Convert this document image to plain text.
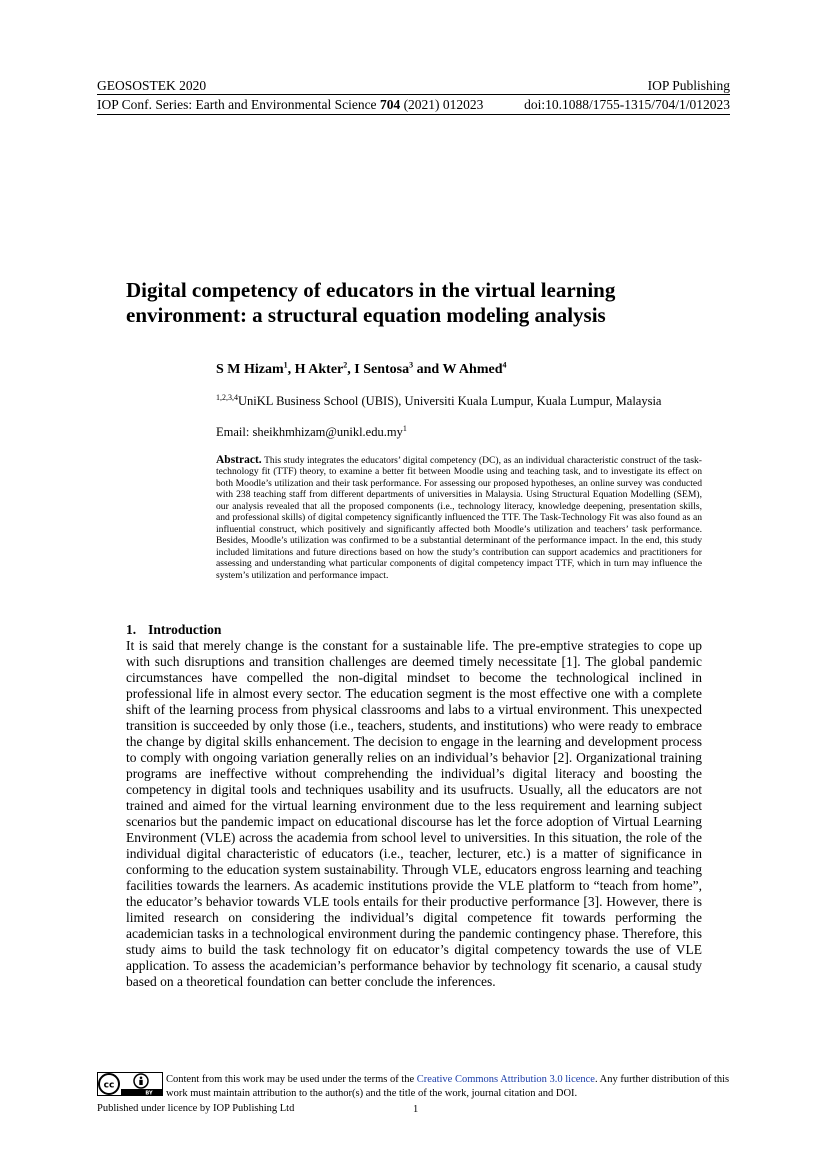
GEOSOSTEK 2020	IOP Publishing
IOP Conf. Series: Earth and Environmental Science 704 (2021) 012023	doi:10.1088/1755-1315/704/1/012023
Digital competency of educators in the virtual learning environment: a structural equation modeling analysis
S M Hizam$^1$, H Akter$^2$, I Sentosa$^3$ and W Ahmed$^4$
$^{1,2,3,4}$UniKL Business School (UBIS), Universiti Kuala Lumpur, Kuala Lumpur, Malaysia
Email: $sheikhmhizam@unikl.edu.my^1$
Abstract. This study integrates the educators’ digital competency (DC), as an individual characteristic construct of the task-technology fit (TTF) theory, to examine a better fit between Moodle using and teaching task, and to investigate its effect on both Moodle’s utilization and their task performance. For assessing our proposed hypotheses, an online survey was conducted with 238 teaching staff from different departments of universities in Malaysia. Using Structural Equation Modelling (SEM), our analysis revealed that all the proposed components (i.e., technology literacy, knowledge deepening, presentation skills, and professional skills) of digital competency significantly influenced the TTF. The Task-Technology Fit was also found as an influential construct, which positively and significantly affected both Moodle’s utilization and teachers’ task performance. Besides, Moodle’s utilization was confirmed to be a substantial determinant of the performance impact. In the end, this study included limitations and future directions based on how the study’s contribution can support academics and practitioners for assessing and understanding what particular components of digital competency impact TTF, which in turn may influence the system’s utilization and performance impact.
1. Introduction
It is said that merely change is the constant for a sustainable life. The pre-emptive strategies to cope up with such disruptions and transition challenges are deemed timely necessitate [1]. The global pandemic circumstances have compelled the non-digital mindset to become the technological inclined in professional life in almost every sector. The education segment is the most effective one with a complete shift of the learning process from physical classrooms and labs to a virtual environment. This unexpected transition is succeeded by only those (i.e., teachers, students, and institutions) who were ready to embrace the change by digital skills enhancement. The decision to engage in the learning and development process to comply with ongoing variation generally relies on an individual’s behavior [2]. Organizational training programs are ineffective without comprehending the individual’s digital literacy and boosting the competency in digital tools and techniques usability and its usufructs. Usually, all the educators are not trained and aimed for the virtual learning environment due to the less requirement and learning subject scenarios but the pandemic impact on educational discourse has let the force adoption of Virtual Learning Environment (VLE) across the academia from school level to universities. In this situation, the role of the individual digital characteristic of educators (i.e., teacher, lecturer, etc.) is a matter of significance in conforming to the education system sustainability. Through VLE, educators engross learning and teaching facilities towards the learners. As academic institutions provide the VLE platform to “teach from home”, the educator’s behavior towards VLE tools entails for their productive performance [3]. However, there is limited research on considering the individual’s digital competence fit towards performing the academician tasks in a technological environment during the pandemic contingency phase. Therefore, this study aims to build the task technology fit on educator’s digital competency towards the use of VLE application. To assess the academician’s performance behavior by technology fit scenario, a causal study based on a theoretical foundation can better conclude the inferences.
cc
BY
Content from this work may be used under the terms of the Creative Commons Attribution 3.0 licence. Any further distribution of this work must maintain attribution to the author(s) and the title of the work, journal citation and DOI.
Published under licence by IOP Publishing Ltd	1
